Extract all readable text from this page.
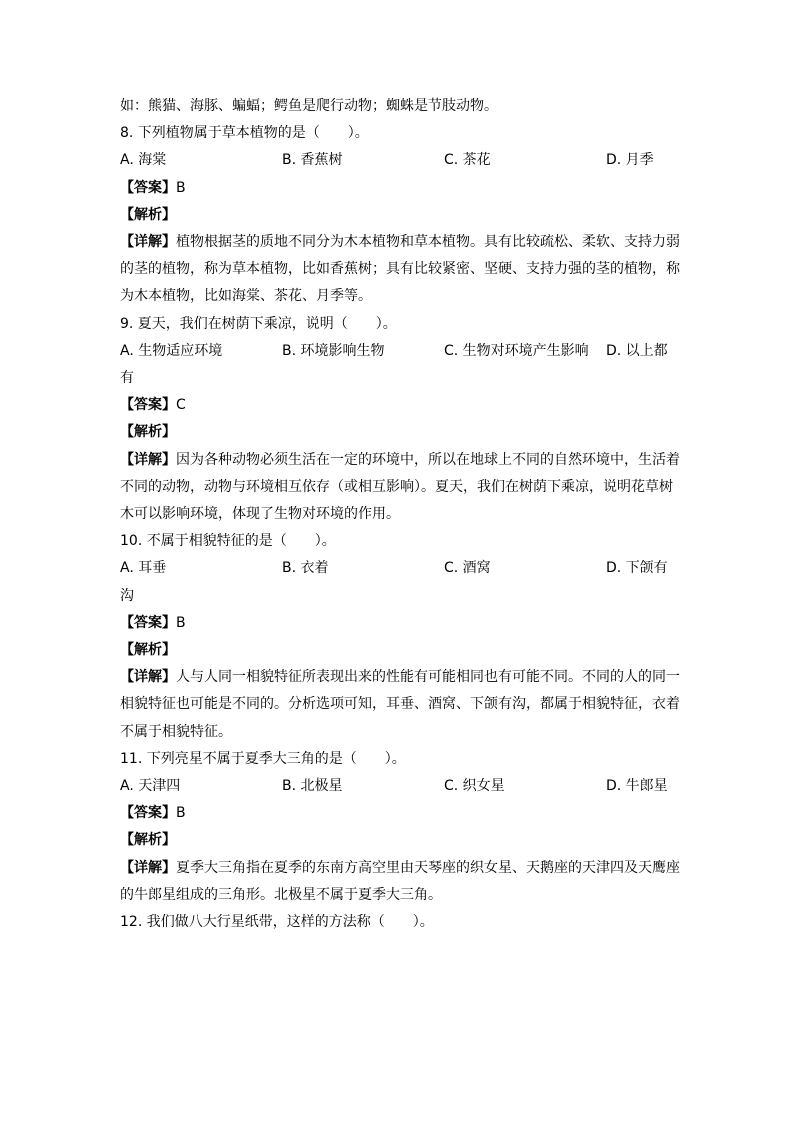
如：熊猫、海豚、蝙蝠；鳄鱼是爬行动物；蜘蛛是节肢动物。
8. 下列植物属于草本植物的是（　　）。
A. 海棠	B. 香蕉树	C. 茶花	D. 月季
【答案】B
【解析】
【详解】植物根据茎的质地不同分为木本植物和草本植物。具有比较疏松、柔软、支持力弱
的茎的植物，称为草本植物，比如香蕉树；具有比较紧密、坚硬、支持力强的茎的植物，称
为木本植物，比如海棠、茶花、月季等。
9. 夏天，我们在树荫下乘凉，说明（　　）。
A. 生物适应环境	B. 环境影响生物	C. 生物对环境产生影响 D. 以上都
有
【答案】C
【解析】
【详解】因为各种动物必须生活在一定的环境中，所以在地球上不同的自然环境中，生活着
不同的动物，动物与环境相互依存（或相互影响）。夏天，我们在树荫下乘凉，说明花草树
木可以影响环境，体现了生物对环境的作用。
10. 不属于相貌特征的是（　　）。
A. 耳垂	B. 衣着	C. 酒窝	D. 下颌有
沟
【答案】B
【解析】
【详解】人与人同一相貌特征所表现出来的性能有可能相同也有可能不同。不同的人的同一
相貌特征也可能是不同的。分析选项可知，耳垂、酒窝、下颌有沟，都属于相貌特征，衣着
不属于相貌特征。
11. 下列亮星不属于夏季大三角的是（　　）。
A. 天津四	B. 北极星	C. 织女星	D. 牛郎星
【答案】B
【解析】
【详解】夏季大三角指在夏季的东南方高空里由天琴座的织女星、天鹅座的天津四及天鹰座
的牛郎星组成的三角形。北极星不属于夏季大三角。
12. 我们做八大行星纸带，这样的方法称（　　）。
